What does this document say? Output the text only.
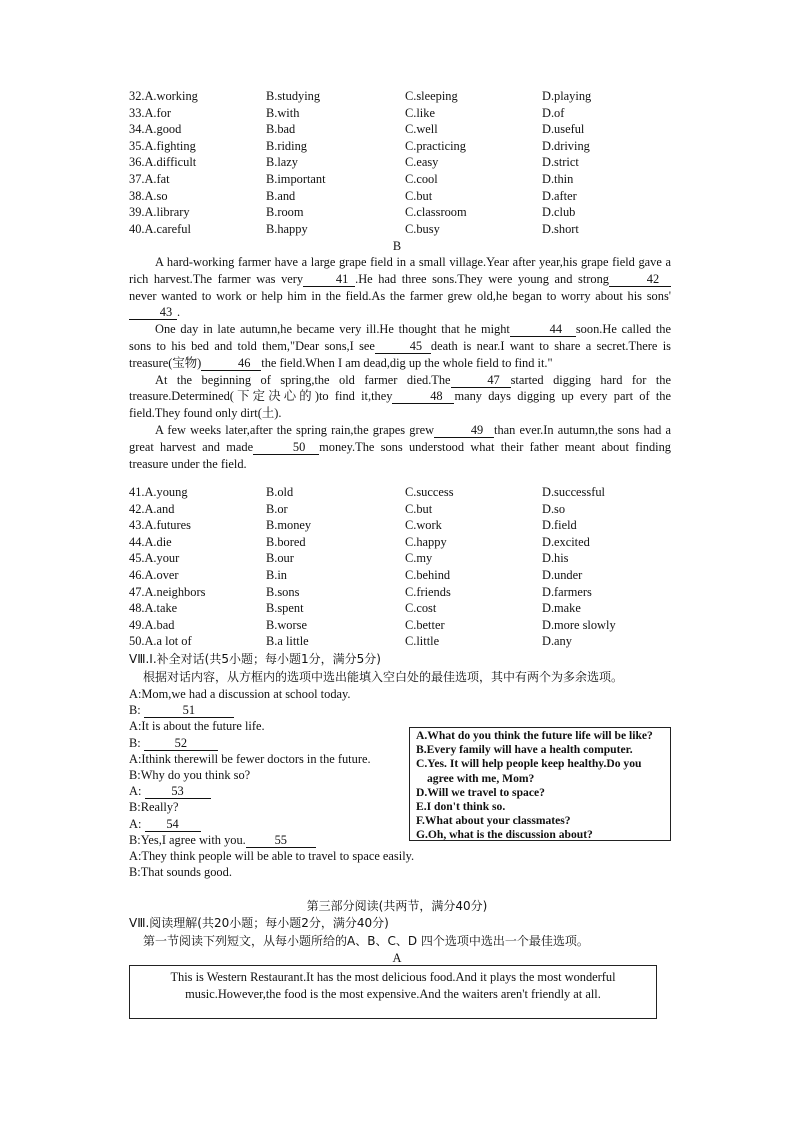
32.A.working	B.studying	C.sleeping	D.playing
33.A.for	B.with	C.like	D.of
34.A.good	B.bad	C.well	D.useful
35.A.fighting	B.riding	C.practicing	D.driving
36.A.difficult	B.lazy	C.easy	D.strict
37.A.fat	B.important	C.cool	D.thin
38.A.so	B.and	C.but	D.after
39.A.library	B.room	C.classroom	D.club
40.A.careful	B.happy	C.busy	D.short
B

A hard-working farmer have a large grape field in a small village.Year after year,his grape field gave a rich harvest.The farmer was very	41 .He had three sons.They were young and strong	42never wanted to work or help him in the field.As the farmer grew old,he began to worry about his sons'43 .

One day in late autumn,he became very ill.He thought that he might	44 soon.He called the sons to his bed and told them,"Dear sons,I see	45 death is near.I want to share a secret.There is treasure(宝物)	46 the field.When I am dead,dig up the whole field to find it."

At the beginning of spring,the old farmer died.The	47 started digging hard for the treasure.Determined(下定决心的)to find it,they	48 many days digging up every part of the field.They found only dirt(土).

A few weeks later,after the spring rain,the grapes grew	49 than ever.In autumn,the sons had a great harvest and made	50 money.The sons understood what their father meant about finding treasure under the field.

41.A.young	B.old	C.success	D.successful
42.A.and	B.or	C.but	D.so
43.A.futures	B.money	C.work	D.field
44.A.die	B.bored	C.happy	D.excited
45.A.your	B.our	C.my	D.his
46.A.over	B.in	C.behind	D.under
47.A.neighbors	B.sons	C.friends	D.farmers
48.A.take	B.spent	C.cost	D.make
49.A.bad	B.worse	C.better	D.more slowly
50.A.a lot of	B.a little	C.little	D.any
VⅢ.I.补全对话(共5小题；每小题1分，满分5分)
根据对话内容，从方框内的选项中选出能填入空白处的最佳选项，其中有两个为多余选项。
A:Mom,we had a discussion at school today.
B:	51
A:It is about the future life.
B:	52
A:Ithink therewill be fewer doctors in the future.
B:Why do you think so?
A: 53
B:Really?
A: 54
B:Yes,I agree with you. 55
A:They think people will be able to travel to space easily.
B:That sounds good.
A.What do you think the future life will be like?
B.Every family will have a health computer.
C.Yes. It will help people keep healthy.Do you
agree with me, Mom?
D.Will we travel to space?
E.I don't think so.
F.What about your classmates?
G.Oh, what is the discussion about?
第三部分阅读(共两节，满分40分)
VⅢ.阅读理解(共20小题；每小题2分，满分40分)
第一节阅读下列短文，从每小题所给的A、B、C、D 四个选项中选出一个最佳选项。
A
This is Western Restaurant.It has the most delicious food.And it plays the most wonderful music.However,the food is the most expensive.And the waiters aren't friendly at all.
